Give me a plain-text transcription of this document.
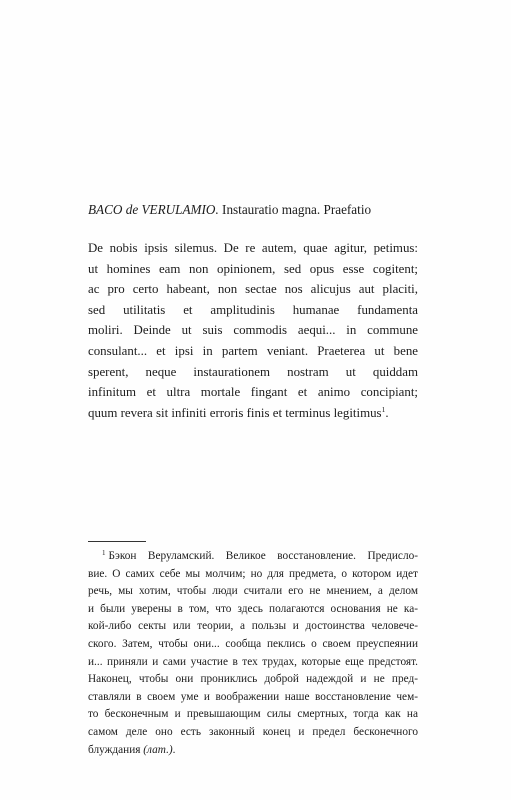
BACO de VERULAMIO. Instauratio magna. Praefatio
De nobis ipsis silemus. De re autem, quae agitur, petimus:
ut homines eam non opinionem, sed opus esse cogitent;
ac pro certo habeant, non sectae nos alicujus aut placiti,
sed utilitatis et amplitudinis humanae fundamenta
moliri. Deinde ut suis commodis aequi... in commune
consulant... et ipsi in partem veniant. Praeterea ut bene
sperent, neque instaurationem nostram ut quiddam
infinitum et ultra mortale fingant et animo concipiant;
quum revera sit infiniti erroris finis et terminus legitimus$^1$.
$^1$ Бэкон Веруламский. Великое восстановление. Предисло-
вие. О самих себе мы молчим; но для предмета, о котором идет
речь, мы хотим, чтобы люди считали его не мнением, а делом
и были уверены в том, что здесь полагаются основания не ка-
кой-либо секты или теории, а пользы и достоинства человече-
ского. Затем, чтобы они... сообща пеклись о своем преуспеянии
и... приняли и сами участие в тех трудах, которые еще предстоят.
Наконец, чтобы они прониклись доброй надеждой и не пред-
ставляли в своем уме и воображении наше восстановление чем-
то бесконечным и превышающим силы смертных, тогда как на
самом деле оно есть законный конец и предел бесконечного
блуждания (лат.).
